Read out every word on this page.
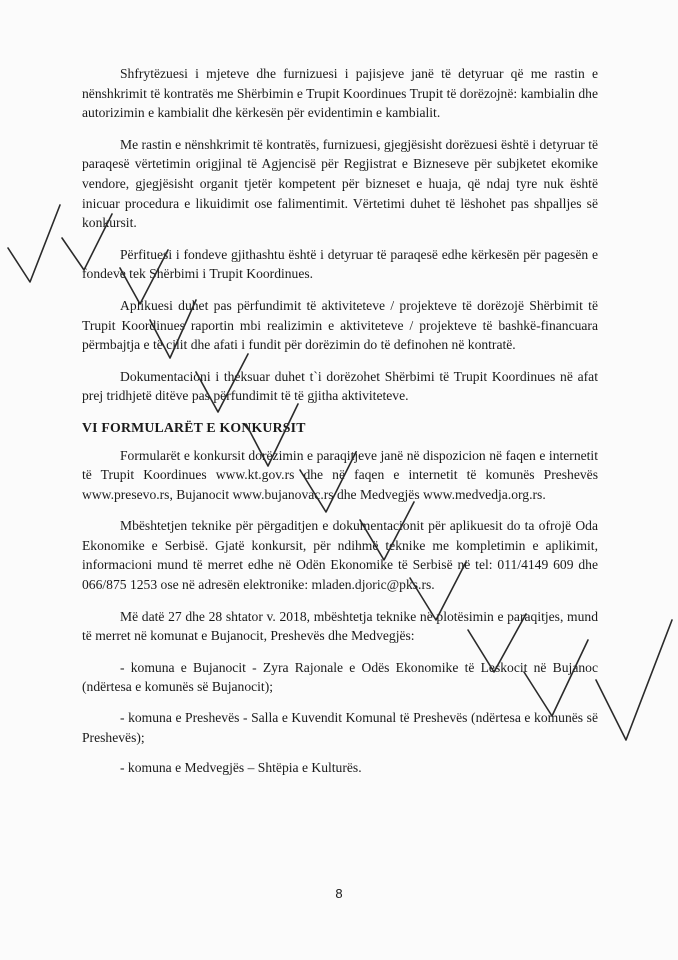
Shfrytëzuesi i mjeteve dhe furnizuesi i pajisjeve janë të detyruar që me rastin e nënshkrimit të kontratës me Shërbimin e Trupit Koordinues Trupit të dorëzojnë: kambialin dhe autorizimin e kambialit dhe kërkesën për evidentimin e kambialit.

Me rastin e nënshkrimit të kontratës, furnizuesi, gjegjësisht dorëzuesi është i detyruar të paraqesë vërtetimin origjinal të Agjencisë për Regjistrat e Bizneseve për subjketet ekomike vendore, gjegjësisht organit tjetër kompetent për bizneset e huaja, që ndaj tyre nuk është inicuar procedura e likuidimit ose falimentimit. Vërtetimi duhet të lëshohet pas shpalljes së konkursit.

Përfituesi i fondeve gjithashtu është i detyruar të paraqesë edhe kërkesën për pagesën e fondeve tek Shërbimi i Trupit Koordinues.

Aplikuesi duhet pas përfundimit të aktiviteteve / projekteve të dorëzojë Shërbimit të Trupit Koordinues raportin mbi realizimin e aktiviteteve / projekteve të bashkë-financuara përmbajtja e të cilit dhe afati i fundit për dorëzimin do të definohen në kontratë.

Dokumentacioni i theksuar duhet t`i dorëzohet Shërbimi të Trupit Koordinues në afat prej tridhjetë ditëve pas përfundimit të të gjitha aktiviteteve.

VI FORMULARËT E KONKURSIT

Formularët e konkursit dorëzimin e paraqitjeve janë në dispozicion në faqen e internetit të Trupit Koordinues www.kt.gov.rs dhe në faqen e internetit të komunës Preshevës www.presevo.rs, Bujanocit www.bujanovac.rs dhe Medvegjës www.medvedja.org.rs.

Mbështetjen teknike për përgaditjen e dokumentacionit për aplikuesit do ta ofrojë Oda Ekonomike e Serbisë. Gjatë konkursit, për ndihmë teknike me kompletimin e aplikimit, informacioni mund të merret edhe në Odën Ekonomike të Serbisë në tel: 011/4149 609 dhe 066/875 1253 ose në adresën elektronike: mladen.djoric@pks.rs.

Më datë 27 dhe 28 shtator v. 2018, mbështetja teknike në plotësimin e paraqitjes, mund të merret në komunat e Bujanocit, Preshevës dhe Medvegjës:

- komuna e Bujanocit - Zyra Rajonale e Odës Ekonomike të Leskocit në Bujanoc (ndërtesa e komunës së Bujanocit);

- komuna e Preshevës - Salla e Kuvendit Komunal të Preshevës (ndërtesa e komunës së Preshevës);

- komuna e Medvegjës – Shtëpia e Kulturës.

8
